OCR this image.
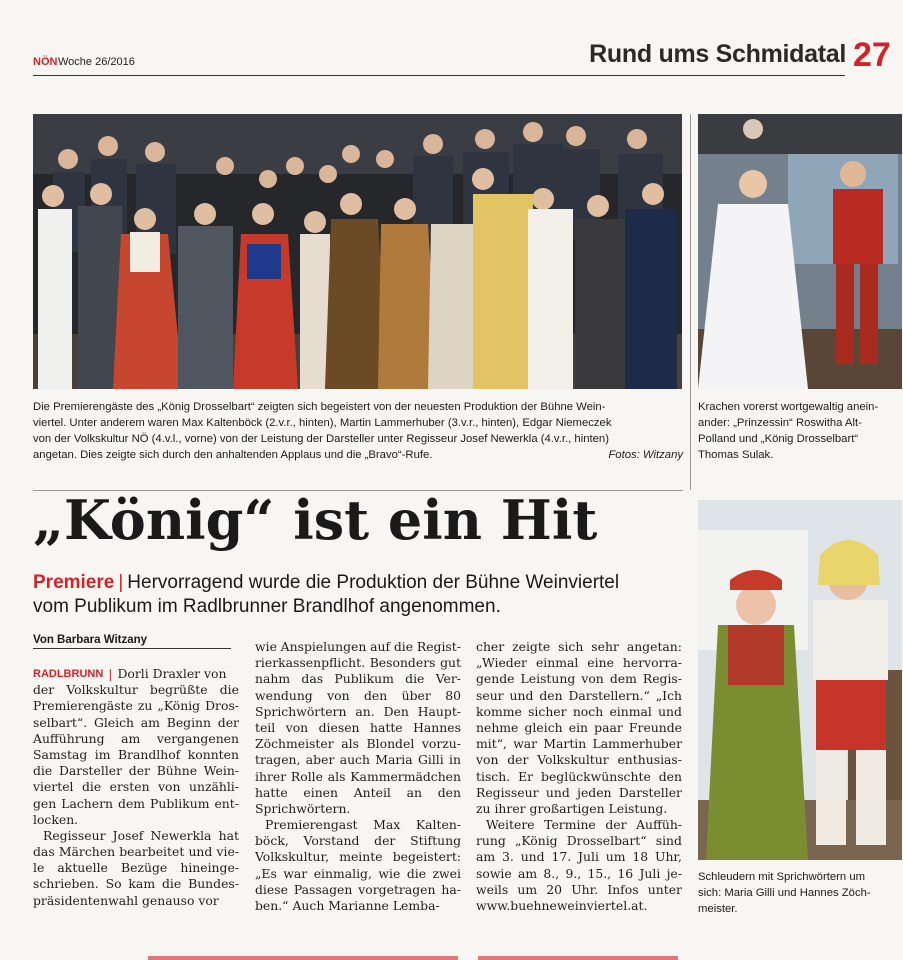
NÖN Woche 26/2016	Rund ums Schmidatal 27
Die Premierengäste des „König Drosselbart“ zeigten sich begeistert von der neuesten Produktion der Bühne Wein-
viertel. Unter anderem waren Max Kaltenböck (2.v.r., hinten), Martin Lammerhuber (3.v.r., hinten), Edgar Niemeczek
von der Volkskultur NÖ (4.v.l., vorne) von der Leistung der Darsteller unter Regisseur Josef Newerkla (4.v.r., hinten)
angetan. Dies zeigte sich durch den anhaltenden Applaus und die „Bravo“-Rufe.	Fotos: Witzany
Krachen vorerst wortgewaltig anein-
ander: „Prinzessin“ Roswitha Alt-
Polland und „König Drosselbart“
Thomas Sulak.
Schleudern mit Sprichwörtern um
sich: Maria Gilli und Hannes Zöch-
meister.
„König“ ist ein Hit
Premiere | Hervorragend wurde die Produktion der Bühne Weinviertel
vom Publikum im Radlbrunner Brandlhof angenommen.
Von Barbara Witzany
RADLBRUNN | Dorli Draxler von
der Volkskultur begrüßte die
Premierengäste zu „König Dros-
selbart“. Gleich am Beginn der
Aufführung am vergangenen
Samstag im Brandlhof konnten
die Darsteller der Bühne Wein-
viertel die ersten von unzähli-
gen Lachern dem Publikum ent-
locken.
Regisseur Josef Newerkla hat
das Märchen bearbeitet und vie-
le aktuelle Bezüge hineinge-
schrieben. So kam die Bundes-
präsidentenwahl genauso vor
wie Anspielungen auf die Regist-
rierkassenpflicht. Besonders gut
nahm das Publikum die Ver-
wendung von den über 80
Sprichwörtern an. Den Haupt-
teil von diesen hatte Hannes
Zöchmeister als Blondel vorzu-
tragen, aber auch Maria Gilli in
ihrer Rolle als Kammermädchen
hatte einen Anteil an den
Sprichwörtern.
Premierengast Max Kalten-
böck, Vorstand der Stiftung
Volkskultur, meinte begeistert:
„Es war einmalig, wie die zwei
diese Passagen vorgetragen ha-
ben.“ Auch Marianne Lemba-
cher zeigte sich sehr angetan:
„Wieder einmal eine hervorra-
gende Leistung von dem Regis-
seur und den Darstellern.“ „Ich
komme sicher noch einmal und
nehme gleich ein paar Freunde
mit“, war Martin Lammerhuber
von der Volkskultur enthusias-
tisch. Er beglückwünschte den
Regisseur und jeden Darsteller
zu ihrer großartigen Leistung.
Weitere Termine der Auffüh-
rung „König Drosselbart“ sind
am 3. und 17. Juli um 18 Uhr,
sowie am 8., 9., 15., 16 Juli je-
weils um 20 Uhr. Infos unter
www.buehneweinviertel.at.
